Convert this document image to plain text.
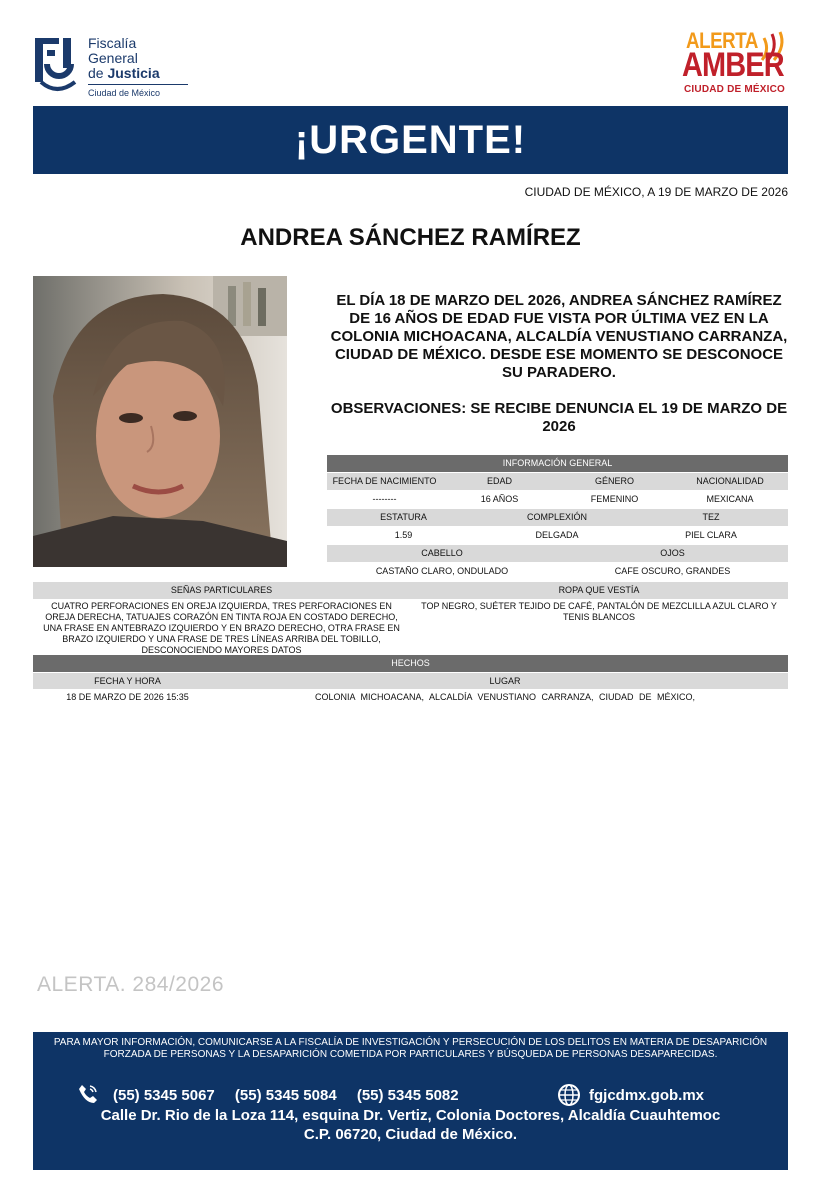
Fiscalía
General
de Justicia
Ciudad de México
ALERTA
AMBER
CIUDAD DE MÉXICO
¡URGENTE!
CIUDAD DE MÉXICO, A 19 DE MARZO DE 2026
ANDREA SÁNCHEZ RAMÍREZ
EL DÍA 18 DE MARZO DEL 2026, ANDREA SÁNCHEZ RAMÍREZ DE 16 AÑOS DE EDAD FUE VISTA POR ÚLTIMA VEZ EN LA COLONIA MICHOACANA, ALCALDÍA VENUSTIANO CARRANZA, CIUDAD DE MÉXICO. DESDE ESE MOMENTO SE DESCONOCE SU PARADERO.
OBSERVACIONES: SE RECIBE DENUNCIA EL 19 DE MARZO DE 2026
INFORMACIÓN GENERAL
FECHA DE NACIMIENTO	EDAD	GÉNERO	NACIONALIDAD
--------	16 AÑOS	FEMENINO	MEXICANA
ESTATURA	COMPLEXIÓN	TEZ
1.59	DELGADA	PIEL CLARA
CABELLO	OJOS
CASTAÑO CLARO, ONDULADO	CAFE OSCURO, GRANDES
SEÑAS PARTICULARES	ROPA QUE VESTÍA
CUATRO PERFORACIONES EN OREJA IZQUIERDA, TRES PERFORACIONES EN OREJA DERECHA, TATUAJES CORAZÓN EN TINTA ROJA EN COSTADO DERECHO, UNA FRASE EN ANTEBRAZO IZQUIERDO Y EN BRAZO DERECHO, OTRA FRASE EN BRAZO IZQUIERDO Y UNA FRASE DE TRES LÍNEAS ARRIBA DEL TOBILLO, DESCONOCIENDO MAYORES DATOS
TOP NEGRO, SUÉTER TEJIDO DE CAFÉ, PANTALÓN DE MEZCLILLA AZUL CLARO Y TENIS BLANCOS
HECHOS
FECHA Y HORA	LUGAR
18 DE MARZO DE 2026 15:35	COLONIA MICHOACANA, ALCALDÍA VENUSTIANO CARRANZA, CIUDAD DE MÉXICO,
ALERTA. 284/2026
PARA MAYOR INFORMACIÓN, COMUNICARSE A LA FISCALÍA DE INVESTIGACIÓN Y PERSECUCIÓN DE LOS DELITOS EN MATERIA DE DESAPARICIÓN FORZADA DE PERSONAS Y LA DESAPARICIÓN COMETIDA POR PARTICULARES Y BÚSQUEDA DE PERSONAS DESAPARECIDAS.
(55) 5345 5067 (55) 5345 5084 (55) 5345 5082	fgjcdmx.gob.mx
Calle Dr. Rio de la Loza 114, esquina Dr. Vertiz, Colonia Doctores, Alcaldía Cuauhtemoc
C.P. 06720, Ciudad de México.
